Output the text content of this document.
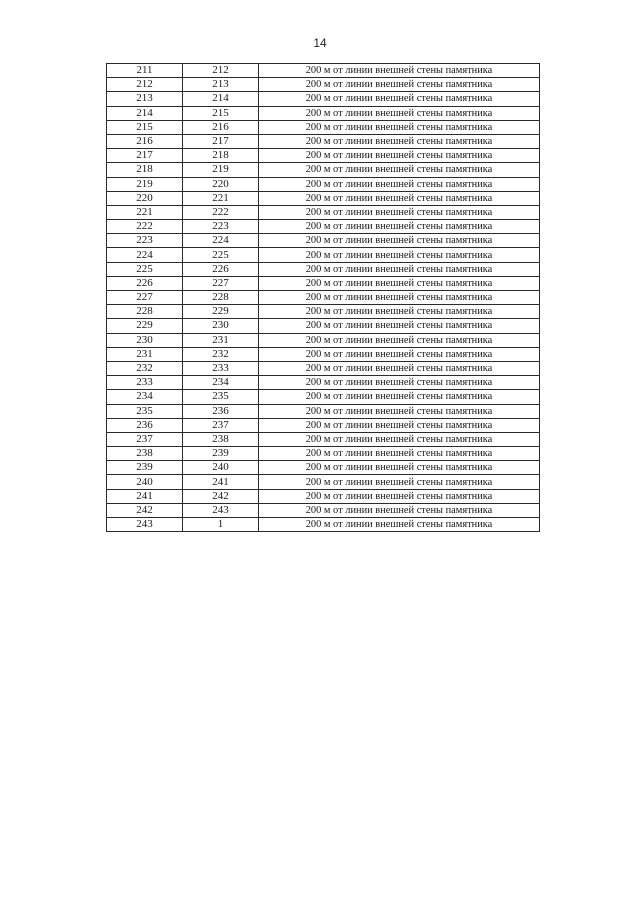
14
211	212	200 м от линии внешней стены памятника
212	213	200 м от линии внешней стены памятника
213	214	200 м от линии внешней стены памятника
214	215	200 м от линии внешней стены памятника
215	216	200 м от линии внешней стены памятника
216	217	200 м от линии внешней стены памятника
217	218	200 м от линии внешней стены памятника
218	219	200 м от линии внешней стены памятника
219	220	200 м от линии внешней стены памятника
220	221	200 м от линии внешней стены памятника
221	222	200 м от линии внешней стены памятника
222	223	200 м от линии внешней стены памятника
223	224	200 м от линии внешней стены памятника
224	225	200 м от линии внешней стены памятника
225	226	200 м от линии внешней стены памятника
226	227	200 м от линии внешней стены памятника
227	228	200 м от линии внешней стены памятника
228	229	200 м от линии внешней стены памятника
229	230	200 м от линии внешней стены памятника
230	231	200 м от линии внешней стены памятника
231	232	200 м от линии внешней стены памятника
232	233	200 м от линии внешней стены памятника
233	234	200 м от линии внешней стены памятника
234	235	200 м от линии внешней стены памятника
235	236	200 м от линии внешней стены памятника
236	237	200 м от линии внешней стены памятника
237	238	200 м от линии внешней стены памятника
238	239	200 м от линии внешней стены памятника
239	240	200 м от линии внешней стены памятника
240	241	200 м от линии внешней стены памятника
241	242	200 м от линии внешней стены памятника
242	243	200 м от линии внешней стены памятника
243	1	200 м от линии внешней стены памятника
